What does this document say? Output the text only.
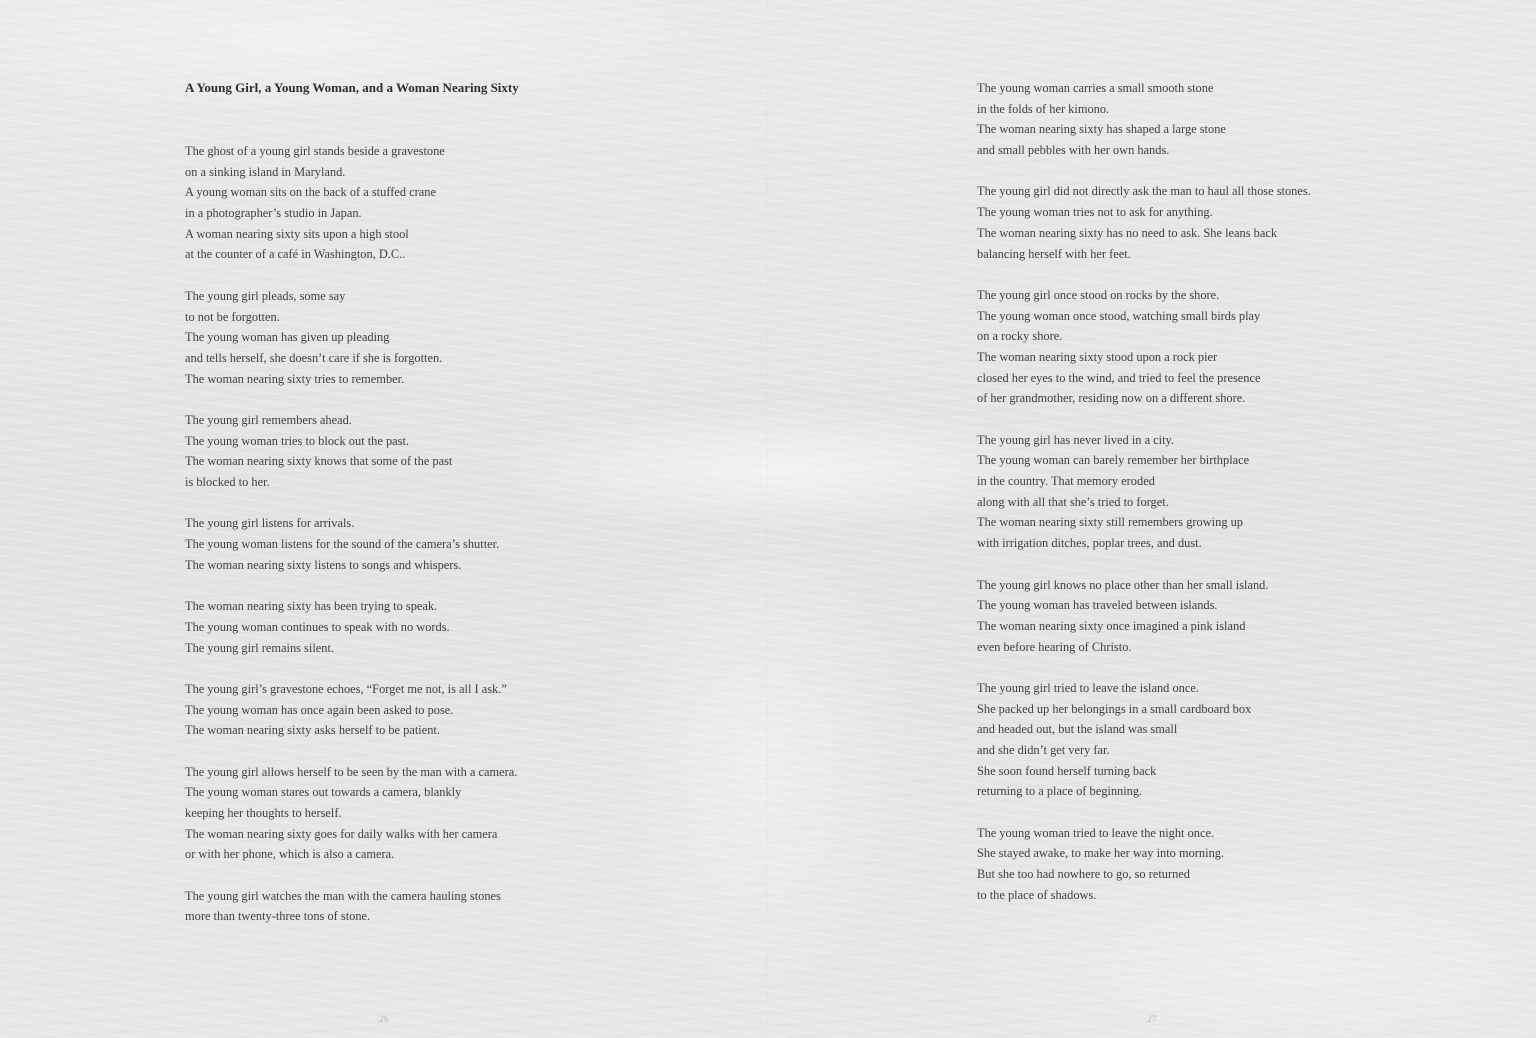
A Young Girl, a Young Woman, and a Woman Nearing Sixty
The ghost of a young girl stands beside a gravestone
on a sinking island in Maryland.
A young woman sits on the back of a stuffed crane
in a photographer’s studio in Japan.
A woman nearing sixty sits upon a high stool
at the counter of a café in Washington, D.C..
The young girl pleads, some say
to not be forgotten.
The young woman has given up pleading
and tells herself, she doesn’t care if she is forgotten.
The woman nearing sixty tries to remember.
The young girl remembers ahead.
The young woman tries to block out the past.
The woman nearing sixty knows that some of the past
is blocked to her.
The young girl listens for arrivals.
The young woman listens for the sound of the camera’s shutter.
The woman nearing sixty listens to songs and whispers.
The woman nearing sixty has been trying to speak.
The young woman continues to speak with no words.
The young girl remains silent.
The young girl’s gravestone echoes, “Forget me not, is all I ask.”
The young woman has once again been asked to pose.
The woman nearing sixty asks herself to be patient.
The young girl allows herself to be seen by the man with a camera.
The young woman stares out towards a camera, blankly
keeping her thoughts to herself.
The woman nearing sixty goes for daily walks with her camera
or with her phone, which is also a camera.
The young girl watches the man with the camera hauling stones
more than twenty-three tons of stone.
26
The young woman carries a small smooth stone
in the folds of her kimono.
The woman nearing sixty has shaped a large stone
and small pebbles with her own hands.
The young girl did not directly ask the man to haul all those stones.
The young woman tries not to ask for anything.
The woman nearing sixty has no need to ask. She leans back
balancing herself with her feet.
The young girl once stood on rocks by the shore.
The young woman once stood, watching small birds play
on a rocky shore.
The woman nearing sixty stood upon a rock pier
closed her eyes to the wind, and tried to feel the presence
of her grandmother, residing now on a different shore.
The young girl has never lived in a city.
The young woman can barely remember her birthplace
in the country. That memory eroded
along with all that she’s tried to forget.
The woman nearing sixty still remembers growing up
with irrigation ditches, poplar trees, and dust.
The young girl knows no place other than her small island.
The young woman has traveled between islands.
The woman nearing sixty once imagined a pink island
even before hearing of Christo.
The young girl tried to leave the island once.
She packed up her belongings in a small cardboard box
and headed out, but the island was small
and she didn’t get very far.
She soon found herself turning back
returning to a place of beginning.
The young woman tried to leave the night once.
She stayed awake, to make her way into morning.
But she too had nowhere to go, so returned
to the place of shadows.
27
